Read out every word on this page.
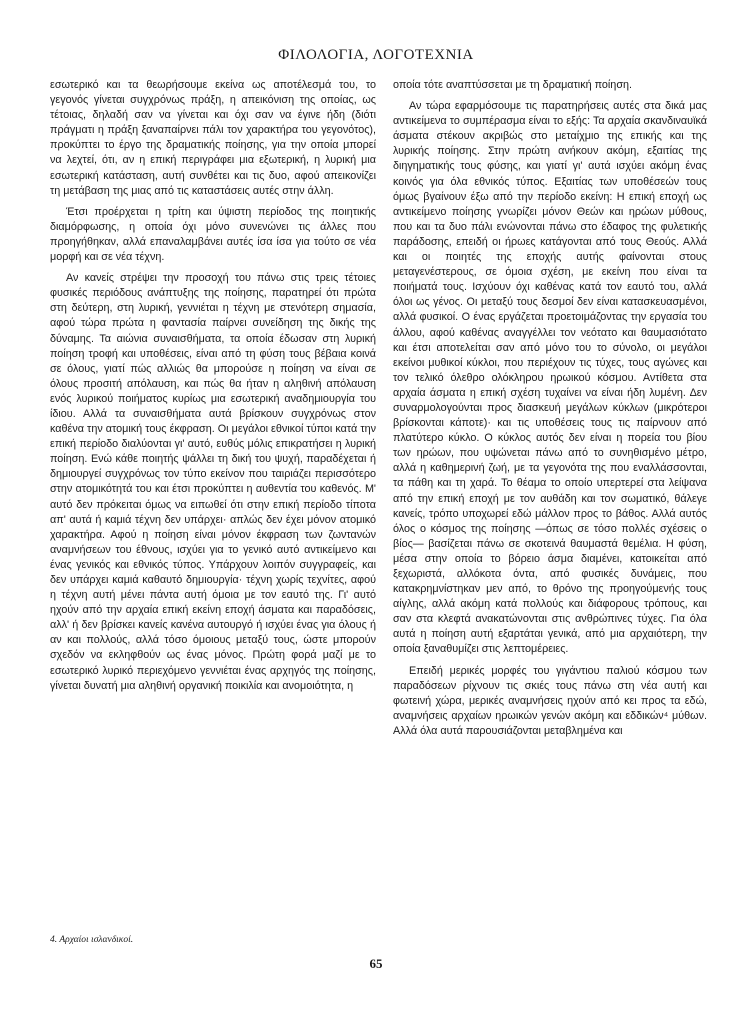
ΦΙΛΟΛΟΓΙΑ, ΛΟΓΟΤΕΧΝΙΑ

εσωτερικό και τα θεωρήσουμε εκείνα ως αποτέλεσμά του, το γεγονός γίνεται συγχρόνως πράξη, η απεικόνιση της οποίας, ως τέτοιας, δηλαδή σαν να γίνεται και όχι σαν να έγινε ήδη (διότι πράγματι η πράξη ξαναπαίρνει πάλι τον χαρακτήρα του γεγονότος), προκύπτει το έργο της δραματικής ποίησης, για την οποία μπορεί να λεχτεί, ότι, αν η επική περιγράφει μια εξωτερική, η λυρική μια εσωτερική κατάσταση, αυτή συνθέτει και τις δυο, αφού απεικονίζει τη μετάβαση της μιας από τις καταστάσεις αυτές στην άλλη.

Έτσι προέρχεται η τρίτη και ύψιστη περίοδος της ποιητικής διαμόρφωσης, η οποία όχι μόνο συνενώνει τις άλλες που προηγήθηκαν, αλλά επαναλαμβάνει αυτές ίσα ίσα για τούτο σε νέα μορφή και σε νέα τέχνη.

Αν κανείς στρέψει την προσοχή του πάνω στις τρεις τέτοιες φυσικές περιόδους ανάπτυξης της ποίησης, παρατηρεί ότι πρώτα στη δεύτερη, στη λυρική, γεννιέται η τέχνη με στενότερη σημασία, αφού τώρα πρώτα η φαντασία παίρνει συνείδηση της δικής της δύναμης. Τα αιώνια συναισθήματα, τα οποία έδωσαν στη λυρική ποίηση τροφή και υποθέσεις, είναι από τη φύση τους βέβαια κοινά σε όλους, γιατί πώς αλλιώς θα μπορούσε η ποίηση να είναι σε όλους προσιτή απόλαυση, και πώς θα ήταν η αληθινή απόλαυση ενός λυρικού ποιήματος κυρίως μια εσωτερική αναδημιουργία του ίδιου. Αλλά τα συναισθήματα αυτά βρίσκουν συγχρόνως στον καθένα την ατομική τους έκφραση. Οι μεγάλοι εθνικοί τύποι κατά την επική περίοδο διαλύονται γι' αυτό, ευθύς μόλις επικρατήσει η λυρική ποίηση. Ενώ κάθε ποιητής ψάλλει τη δική του ψυχή, παραδέχεται ή δημιουργεί συγχρόνως τον τύπο εκείνον που ταιριάζει περισσότερο στην ατομικότητά του και έτσι προκύπτει η αυθεντία του καθενός. Μ' αυτό δεν πρόκειται όμως να ειπωθεί ότι στην επική περίοδο τίποτα απ' αυτά ή καμιά τέχνη δεν υπάρχει· απλώς δεν έχει μόνον ατομικό χαρακτήρα. Αφού η ποίηση είναι μόνον έκφραση των ζωντανών αναμνήσεων του έθνους, ισχύει για το γενικό αυτό αντικείμενο και ένας γενικός και εθνικός τύπος. Υπάρχουν λοιπόν συγγραφείς, και δεν υπάρχει καμιά καθαυτό δημιουργία· τέχνη χωρίς τεχνίτες, αφού η τέχνη αυτή μένει πάντα αυτή όμοια με τον εαυτό της. Γι' αυτό ηχούν από την αρχαία επική εκείνη εποχή άσματα και παραδόσεις, αλλ' ή δεν βρίσκει κανείς κανένα αυτουργό ή ισχύει ένας για όλους ή αν και πολλούς, αλλά τόσο όμοιους μεταξύ τους, ώστε μπορούν σχεδόν να εκληφθούν ως ένας μόνος. Πρώτη φορά μαζί με το εσωτερικό λυρικό περιεχόμενο γεννιέται ένας αρχηγός της ποίησης, γίνεται δυνατή μια αληθινή οργανική ποικιλία και ανομοιότητα, η

οποία τότε αναπτύσσεται με τη δραματική ποίηση.

Αν τώρα εφαρμόσουμε τις παρατηρήσεις αυτές στα δικά μας αντικείμενα το συμπέρασμα είναι το εξής: Τα αρχαία σκανδιναυϊκά άσματα στέκουν ακριβώς στο μεταίχμιο της επικής και της λυρικής ποίησης. Στην πρώτη ανήκουν ακόμη, εξαιτίας της διηγηματικής τους φύσης, και γιατί γι' αυτά ισχύει ακόμη ένας κοινός για όλα εθνικός τύπος. Εξαιτίας των υποθέσεών τους όμως βγαίνουν έξω από την περίοδο εκείνη: Η επική εποχή ως αντικείμενο ποίησης γνωρίζει μόνον Θεών και ηρώων μύθους, που και τα δυο πάλι ενώνονται πάνω στο έδαφος της φυλετικής παράδοσης, επειδή οι ήρωες κατάγονται από τους Θεούς. Αλλά και οι ποιητές της εποχής αυτής φαίνονται στους μεταγενέστερους, σε όμοια σχέση, με εκείνη που είναι τα ποιήματά τους. Ισχύουν όχι καθένας κατά τον εαυτό του, αλλά όλοι ως γένος. Οι μεταξύ τους δεσμοί δεν είναι κατασκευασμένοι, αλλά φυσικοί. Ο ένας εργάζεται προετοιμάζοντας την εργασία του άλλου, αφού καθένας αναγγέλλει τον νεότατο και θαυμασιότατο και έτσι αποτελείται σαν από μόνο του το σύνολο, οι μεγάλοι εκείνοι μυθικοί κύκλοι, που περιέχουν τις τύχες, τους αγώνες και τον τελικό όλεθρο ολόκληρου ηρωικού κόσμου. Αντίθετα στα αρχαία άσματα η επική σχέση τυχαίνει να είναι ήδη λυμένη. Δεν συναρμολογούνται προς διασκευή μεγάλων κύκλων (μικρότεροι βρίσκονται κάποτε)· και τις υποθέσεις τους τις παίρνουν από πλατύτερο κύκλο. Ο κύκλος αυτός δεν είναι η πορεία του βίου των ηρώων, που υψώνεται πάνω από το συνηθισμένο μέτρο, αλλά η καθημερινή ζωή, με τα γεγονότα της που εναλλάσσονται, τα πάθη και τη χαρά. Το θέαμα το οποίο υπερτερεί στα λείψανα από την επική εποχή με τον αυθάδη και τον σωματικό, θάλεγε κανείς, τρόπο υποχωρεί εδώ μάλλον προς το βάθος. Αλλά αυτός όλος ο κόσμος της ποίησης —όπως σε τόσο πολλές σχέσεις ο βίος— βασίζεται πάνω σε σκοτεινά θαυμαστά θεμέλια. Η φύση, μέσα στην οποία το βόρειο άσμα διαμένει, κατοικείται από ξεχωριστά, αλλόκοτα όντα, από φυσικές δυνάμεις, που κατακρημνίστηκαν μεν από, το θρόνο της προηγούμενής τους αίγλης, αλλά ακόμη κατά πολλούς και διάφορους τρόπους, και σαν στα κλεφτά ανακατώνονται στις ανθρώπινες τύχες. Για όλα αυτά η ποίηση αυτή εξαρτάται γενικά, από μια αρχαιότερη, την οποία ξαναθυμίζει στις λεπτομέρειες.

Επειδή μερικές μορφές του γιγάντιου παλιού κόσμου των παραδόσεων ρίχνουν τις σκιές τους πάνω στη νέα αυτή και φωτεινή χώρα, μερικές αναμνήσεις ηχούν από κει προς τα εδώ, αναμνήσεις αρχαίων ηρωικών γενών ακόμη και εδδικών⁴ μύθων. Αλλά όλα αυτά παρουσιάζονται μεταβλημένα και

4. Αρχαίοι ισλανδικοί.
65
